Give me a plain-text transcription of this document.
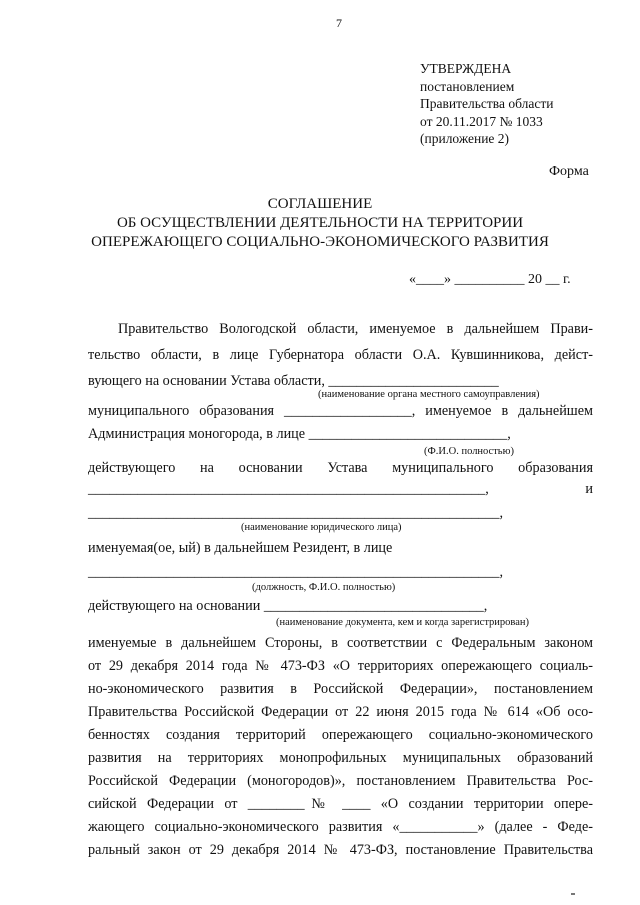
7
УТВЕРЖДЕНА
постановлением
Правительства области
от 20.11.2017 № 1033
(приложение 2)
Форма
СОГЛАШЕНИЕ
ОБ ОСУЩЕСТВЛЕНИИ ДЕЯТЕЛЬНОСТИ НА ТЕРРИТОРИИ
ОПЕРЕЖАЮЩЕГО СОЦИАЛЬНО-ЭКОНОМИЧЕСКОГО РАЗВИТИЯ
«____» __________ 20 __ г.
Правительство Вологодской области, именуемое в дальнейшем Прави-
тельство области, в лице Губернатора области О.А. Кувшинникова, дейст-
вующего на основании Устава области, ________________________
(наименование органа местного самоуправления)
муниципального образования __________________, именуемое в дальнейшем
Администрация моногорода, в лице ____________________________,
(Ф.И.О. полностью)
действующего на основании Устава муниципального образования
________________________________________________________, и
__________________________________________________________,
(наименование юридического лица)
именуемая(ое, ый) в дальнейшем Резидент, в лице
__________________________________________________________,
(должность, Ф.И.О. полностью)
действующего на основании _______________________________,
(наименование документа, кем и когда зарегистрирован)
именуемые в дальнейшем Стороны, в соответствии с Федеральным законом
от 29 декабря 2014 года № 473-ФЗ «О территориях опережающего социаль-
но-экономического развития в Российской Федерации», постановлением
Правительства Российской Федерации от 22 июня 2015 года № 614 «Об осо-
бенностях создания территорий опережающего социально-экономического
развития на территориях монопрофильных муниципальных образований
Российской Федерации (моногородов)», постановлением Правительства Рос-
сийской Федерации от ________№ ____ «О создании территории опере-
жающего социально-экономического развития «___________» (далее - Феде-
ральный закон от 29 декабря 2014 № 473-ФЗ, постановление Правительства
